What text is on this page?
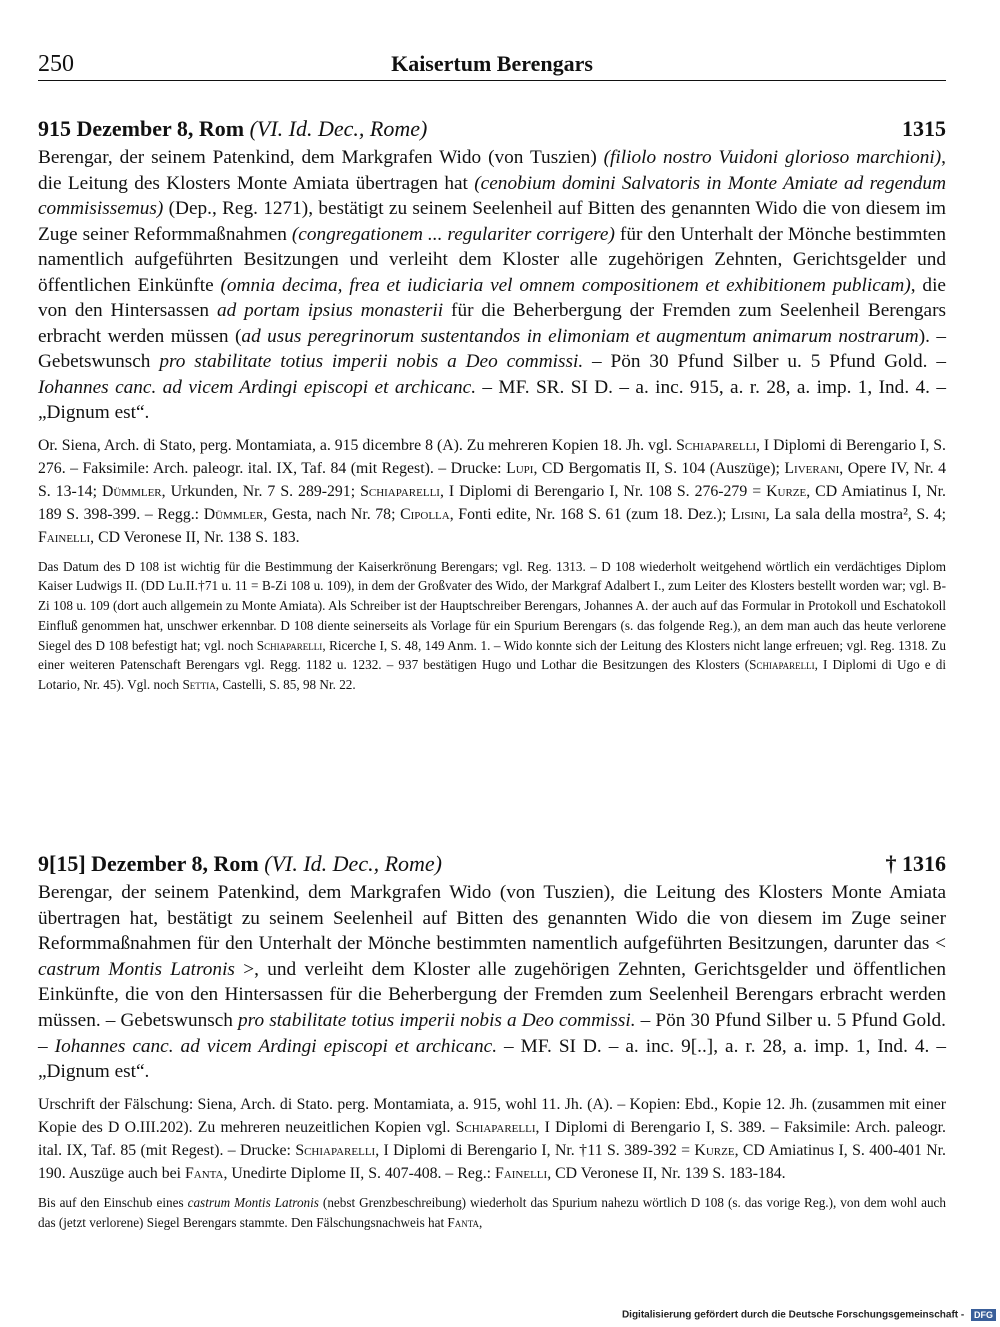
250	Kaisertum Berengars
915 Dezember 8, Rom (VI. Id. Dec., Rome)	1315

Berengar, der seinem Patenkind, dem Markgrafen Wido (von Tuszien) (filiolo nostro Vuidoni glorioso marchioni), die Leitung des Klosters Monte Amiata übertragen hat (cenobium domini Salvatoris in Monte Amiate ad regendum commisissemus) (Dep., Reg. 1271), bestätigt zu seinem Seelenheil auf Bitten des genannten Wido die von diesem im Zuge seiner Reformmaßnahmen (congregationem ... regulariter corrigere) für den Unterhalt der Mönche bestimmten namentlich aufgeführten Besitzungen und verleiht dem Kloster alle zugehörigen Zehnten, Gerichtsgelder und öffentlichen Einkünfte (omnia decima, frea et iudiciaria vel omnem compositionem et exhibitionem publicam), die von den Hintersassen ad portam ipsius monasterii für die Beherbergung der Fremden zum Seelenheil Berengars erbracht werden müssen (ad usus peregrinorum sustentandos in elimoniam et augmentum animarum nostrarum). – Gebetswunsch pro stabilitate totius imperii nobis a Deo commissi. – Pön 30 Pfund Silber u. 5 Pfund Gold. – Iohannes canc. ad vicem Ardingi episcopi et archicanc. – MF. SR. SI D. – a. inc. 915, a. r. 28, a. imp. 1, Ind. 4. – „Dignum est“.

Or. Siena, Arch. di Stato, perg. Montamiata, a. 915 dicembre 8 (A). Zu mehreren Kopien 18. Jh. vgl. Schiaparelli, I Diplomi di Berengario I, S. 276. – Faksimile: Arch. paleogr. ital. IX, Taf. 84 (mit Regest). – Drucke: Lupi, CD Bergomatis II, S. 104 (Auszüge); Liverani, Opere IV, Nr. 4 S. 13-14; Dümmler, Urkunden, Nr. 7 S. 289-291; Schiaparelli, I Diplomi di Berengario I, Nr. 108 S. 276-279 = Kurze, CD Amiatinus I, Nr. 189 S. 398-399. – Regg.: Dümmler, Gesta, nach Nr. 78; Cipolla, Fonti edite, Nr. 168 S. 61 (zum 18. Dez.); Lisini, La sala della mostra², S. 4; Fainelli, CD Veronese II, Nr. 138 S. 183.

Das Datum des D 108 ist wichtig für die Bestimmung der Kaiserkrönung Berengars; vgl. Reg. 1313. – D 108 wiederholt weitgehend wörtlich ein verdächtiges Diplom Kaiser Ludwigs II. (DD Lu.II.†71 u. 11 = B-Zi 108 u. 109), in dem der Großvater des Wido, der Markgraf Adalbert I., zum Leiter des Klosters bestellt worden war; vgl. B-Zi 108 u. 109 (dort auch allgemein zu Monte Amiata). Als Schreiber ist der Hauptschreiber Berengars, Johannes A. der auch auf das Formular in Protokoll und Eschatokoll Einfluß genommen hat, unschwer erkennbar. D 108 diente seinerseits als Vorlage für ein Spurium Berengars (s. das folgende Reg.), an dem man auch das heute verlorene Siegel des D 108 befestigt hat; vgl. noch Schiaparelli, Ricerche I, S. 48, 149 Anm. 1. – Wido konnte sich der Leitung des Klosters nicht lange erfreuen; vgl. Reg. 1318. Zu einer weiteren Patenschaft Berengars vgl. Regg. 1182 u. 1232. – 937 bestätigen Hugo und Lothar die Besitzungen des Klosters (Schiaparelli, I Diplomi di Ugo e di Lotario, Nr. 45). Vgl. noch Settia, Castelli, S. 85, 98 Nr. 22.

9[15] Dezember 8, Rom (VI. Id. Dec., Rome)	† 1316

Berengar, der seinem Patenkind, dem Markgrafen Wido (von Tuszien), die Leitung des Klosters Monte Amiata übertragen hat, bestätigt zu seinem Seelenheil auf Bitten des genannten Wido die von diesem im Zuge seiner Reformmaßnahmen für den Unterhalt der Mönche bestimmten namentlich aufgeführten Besitzungen, darunter das < castrum Montis Latronis >, und verleiht dem Kloster alle zugehörigen Zehnten, Gerichtsgelder und öffentlichen Einkünfte, die von den Hintersassen für die Beherbergung der Fremden zum Seelenheil Berengars erbracht werden müssen. – Gebetswunsch pro stabilitate totius imperii nobis a Deo commissi. – Pön 30 Pfund Silber u. 5 Pfund Gold. – Iohannes canc. ad vicem Ardingi episcopi et archicanc. – MF. SI D. – a. inc. 9[..], a. r. 28, a. imp. 1, Ind. 4. – „Dignum est“.

Urschrift der Fälschung: Siena, Arch. di Stato. perg. Montamiata, a. 915, wohl 11. Jh. (A). – Kopien: Ebd., Kopie 12. Jh. (zusammen mit einer Kopie des D O.III.202). Zu mehreren neuzeitlichen Kopien vgl. Schiaparelli, I Diplomi di Berengario I, S. 389. – Faksimile: Arch. paleogr. ital. IX, Taf. 85 (mit Regest). – Drucke: Schiaparelli, I Diplomi di Berengario I, Nr. †11 S. 389-392 = Kurze, CD Amiatinus I, S. 400-401 Nr. 190. Auszüge auch bei Fanta, Unedirte Diplome II, S. 407-408. – Reg.: Fainelli, CD Veronese II, Nr. 139 S. 183-184.

Bis auf den Einschub eines castrum Montis Latronis (nebst Grenzbeschreibung) wiederholt das Spurium nahezu wörtlich D 108 (s. das vorige Reg.), von dem wohl auch das (jetzt verlorene) Siegel Berengars stammte. Den Fälschungsnachweis hat Fanta,

Digitalisierung gefördert durch die Deutsche Forschungsgemeinschaft - DFG
